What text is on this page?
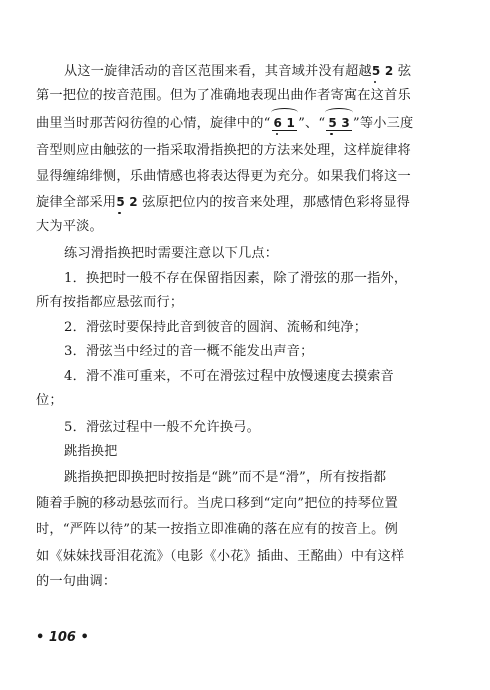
从这一旋律活动的音区范围来看，其音域并没有超越5 2 弦
第一把位的按音范围。但为了准确地表现出曲作者寄寓在这首乐
曲里当时那苦闷彷徨的心情，旋律中的“ 6 1 ”、“ 5 3 ”等小三度
音型则应由触弦的一指采取滑指换把的方法来处理，这样旋律将
显得缠绵绯恻，乐曲情感也将表达得更为充分。如果我们将这一
旋律全部采用5 2 弦原把位内的按音来处理，那感情色彩将显得
大为平淡。
练习滑指换把时需要注意以下几点：
1．换把时一般不存在保留指因素，除了滑弦的那一指外，
所有按指都应悬弦而行；
2．滑弦时要保持此音到彼音的圆润、流畅和纯净；
3．滑弦当中经过的音一概不能发出声音；
4．滑不准可重来，不可在滑弦过程中放慢速度去摸索音
位；
5．滑弦过程中一般不允许换弓。
跳指换把
跳指换把即换把时按指是“跳”而不是“滑”，所有按指都
随着手腕的移动悬弦而行。当虎口移到“定向”把位的持琴位置
时，“严阵以待”的某一按指立即准确的落在应有的按音上。例
如《妹妹找哥泪花流》（电影《小花》插曲、王酩曲）中有这样
的一句曲调：
• 106 •
